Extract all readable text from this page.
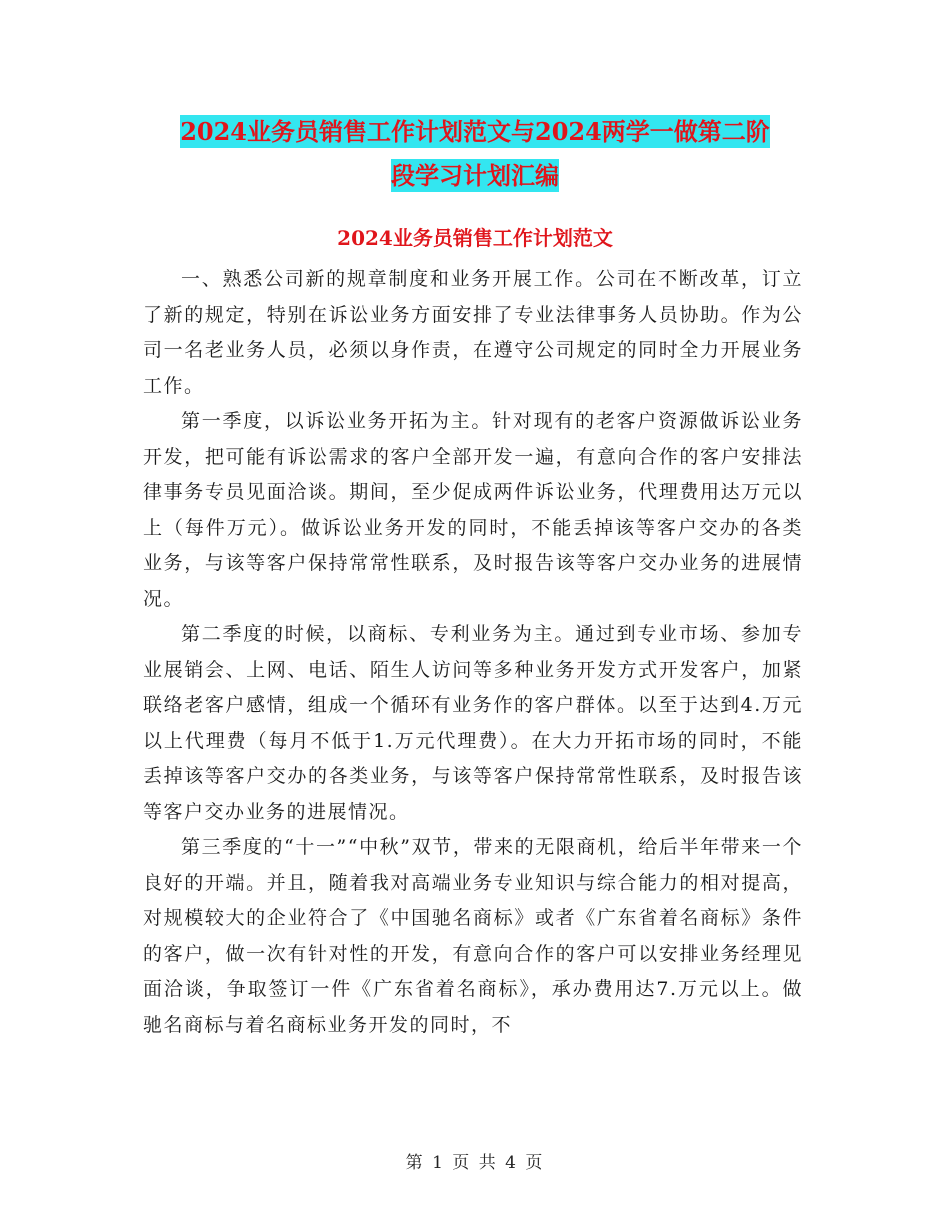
2024业务员销售工作计划范文与2024两学一做第二阶
段学习计划汇编
2024业务员销售工作计划范文

一、熟悉公司新的规章制度和业务开展工作。公司在不断改革，订立了新的规定，特别在诉讼业务方面安排了专业法律事务人员协助。作为公司一名老业务人员，必须以身作责，在遵守公司规定的同时全力开展业务工作。

第一季度，以诉讼业务开拓为主。针对现有的老客户资源做诉讼业务开发，把可能有诉讼需求的客户全部开发一遍，有意向合作的客户安排法律事务专员见面洽谈。期间，至少促成两件诉讼业务，代理费用达万元以上（每件万元）。做诉讼业务开发的同时，不能丢掉该等客户交办的各类业务，与该等客户保持常常性联系，及时报告该等客户交办业务的进展情况。

第二季度的时候，以商标、专利业务为主。通过到专业市场、参加专业展销会、上网、电话、陌生人访问等多种业务开发方式开发客户，加紧联络老客户感情，组成一个循环有业务作的客户群体。以至于达到4.万元以上代理费（每月不低于1.万元代理费）。在大力开拓市场的同时，不能丢掉该等客户交办的各类业务，与该等客户保持常常性联系，及时报告该等客户交办业务的进展情况。

第三季度的“十一”“中秋”双节，带来的无限商机，给后半年带来一个良好的开端。并且，随着我对高端业务专业知识与综合能力的相对提高，对规模较大的企业符合了《中国驰名商标》或者《广东省着名商标》条件的客户，做一次有针对性的开发，有意向合作的客户可以安排业务经理见面洽谈，争取签订一件《广东省着名商标》，承办费用达7.万元以上。做驰名商标与着名商标业务开发的同时，不

第 1 页 共 4 页
